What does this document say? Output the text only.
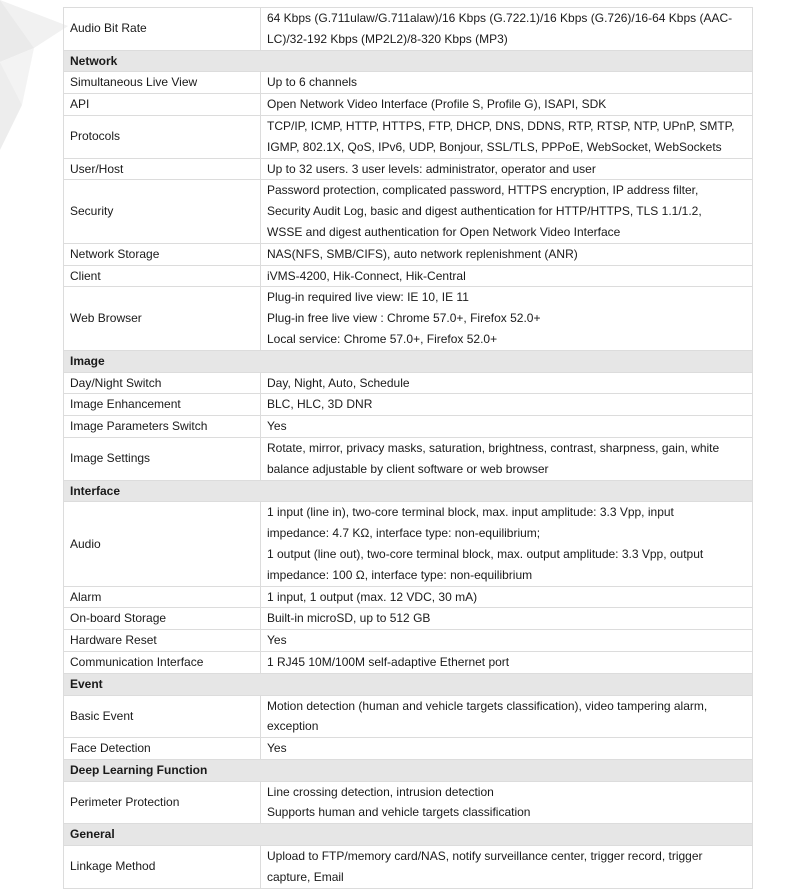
Audio Bit Rate	64 Kbps (G.711ulaw/G.711alaw)/16 Kbps (G.722.1)/16 Kbps (G.726)/16-64 Kbps (AAC-LC)/32-192 Kbps (MP2L2)/8-320 Kbps (MP3)

Network	
Simultaneous Live View	Up to 6 channels

API	Open Network Video Interface (Profile S, Profile G), ISAPI, SDK

Protocols	TCP/IP, ICMP, HTTP, HTTPS, FTP, DHCP, DNS, DDNS, RTP, RTSP, NTP, UPnP, SMTP, IGMP, 802.1X, QoS, IPv6, UDP, Bonjour, SSL/TLS, PPPoE, WebSocket, WebSockets

User/Host	Up to 32 users. 3 user levels: administrator, operator and user

Security	Password protection, complicated password, HTTPS encryption, IP address filter, Security Audit Log, basic and digest authentication for HTTP/HTTPS, TLS 1.1/1.2, WSSE and digest authentication for Open Network Video Interface

Network Storage	NAS(NFS, SMB/CIFS), auto network replenishment (ANR)

Client	iVMS-4200, Hik-Connect, Hik-Central

Web Browser	Plug-in required live view: IE 10, IE 11
Plug-in free live view : Chrome 57.0+, Firefox 52.0+
Local service: Chrome 57.0+, Firefox 52.0+

Image	
Day/Night Switch	Day, Night, Auto, Schedule

Image Enhancement	BLC, HLC, 3D DNR

Image Parameters Switch	Yes

Image Settings	Rotate, mirror, privacy masks, saturation, brightness, contrast, sharpness, gain, white balance adjustable by client software or web browser

Interface	
Audio	1 input (line in), two-core terminal block, max. input amplitude: 3.3 Vpp, input impedance: 4.7 KΩ, interface type: non-equilibrium;
1 output (line out), two-core terminal block, max. output amplitude: 3.3 Vpp, output impedance: 100 Ω, interface type: non-equilibrium

Alarm	1 input, 1 output (max. 12 VDC, 30 mA)

On-board Storage	Built-in microSD, up to 512 GB

Hardware Reset	Yes

Communication Interface	1 RJ45 10M/100M self-adaptive Ethernet port

Event	
Basic Event	Motion detection (human and vehicle targets classification), video tampering alarm, exception

Face Detection	Yes

Deep Learning Function	
Perimeter Protection	Line crossing detection, intrusion detection
Supports human and vehicle targets classification

General	
Linkage Method	Upload to FTP/memory card/NAS, notify surveillance center, trigger record, trigger capture, Email
